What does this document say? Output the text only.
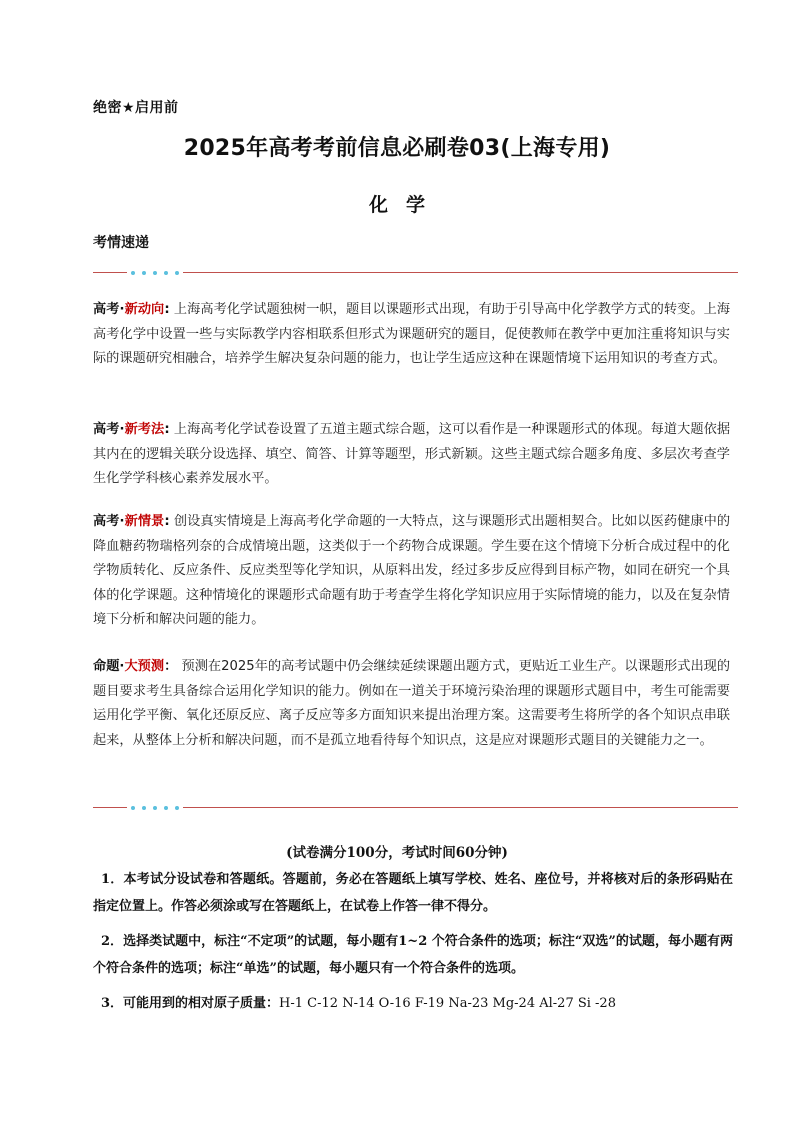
绝密★启用前
2025年高考考前信息必刷卷03(上海专用)
化学
考情速递
高考·新动向: 上海高考化学试题独树一帜，题目以课题形式出现，有助于引导高中化学教学方式的转变。上海高考化学中设置一些与实际教学内容相联系但形式为课题研究的题目，促使教师在教学中更加注重将知识与实际的课题研究相融合，培养学生解决复杂问题的能力，也让学生适应这种在课题情境下运用知识的考查方式。
高考·新考法: 上海高考化学试卷设置了五道主题式综合题，这可以看作是一种课题形式的体现。每道大题依据其内在的逻辑关联分设选择、填空、简答、计算等题型，形式新颖。这些主题式综合题多角度、多层次考查学生化学学科核心素养发展水平。
高考·新情景: 创设真实情境是上海高考化学命题的一大特点，这与课题形式出题相契合。比如以医药健康中的降血糖药物瑞格列奈的合成情境出题，这类似于一个药物合成课题。学生要在这个情境下分析合成过程中的化学物质转化、反应条件、反应类型等化学知识，从原料出发，经过多步反应得到目标产物，如同在研究一个具体的化学课题。这种情境化的课题形式命题有助于考查学生将化学知识应用于实际情境的能力，以及在复杂情境下分析和解决问题的能力。
命题·大预测： 预测在2025年的高考试题中仍会继续延续课题出题方式，更贴近工业生产。以课题形式出现的题目要求考生具备综合运用化学知识的能力。例如在一道关于环境污染治理的课题形式题目中，考生可能需要运用化学平衡、氧化还原反应、离子反应等多方面知识来提出治理方案。这需要考生将所学的各个知识点串联起来，从整体上分析和解决问题，而不是孤立地看待每个知识点，这是应对课题形式题目的关键能力之一。
(试卷满分100分，考试时间60分钟)
1．本考试分设试卷和答题纸。答题前，务必在答题纸上填写学校、姓名、座位号，并将核对后的条形码贴在指定位置上。作答必须涂或写在答题纸上，在试卷上作答一律不得分。
2．选择类试题中，标注“不定项”的试题，每小题有1~2 个符合条件的选项；标注“双选”的试题，每小题有两个符合条件的选项；标注“单选”的试题，每小题只有一个符合条件的选项。
3．可能用到的相对原子质量：H-1 C-12 N-14 O-16 F-19 Na-23 Mg-24 Al-27 Si -28
